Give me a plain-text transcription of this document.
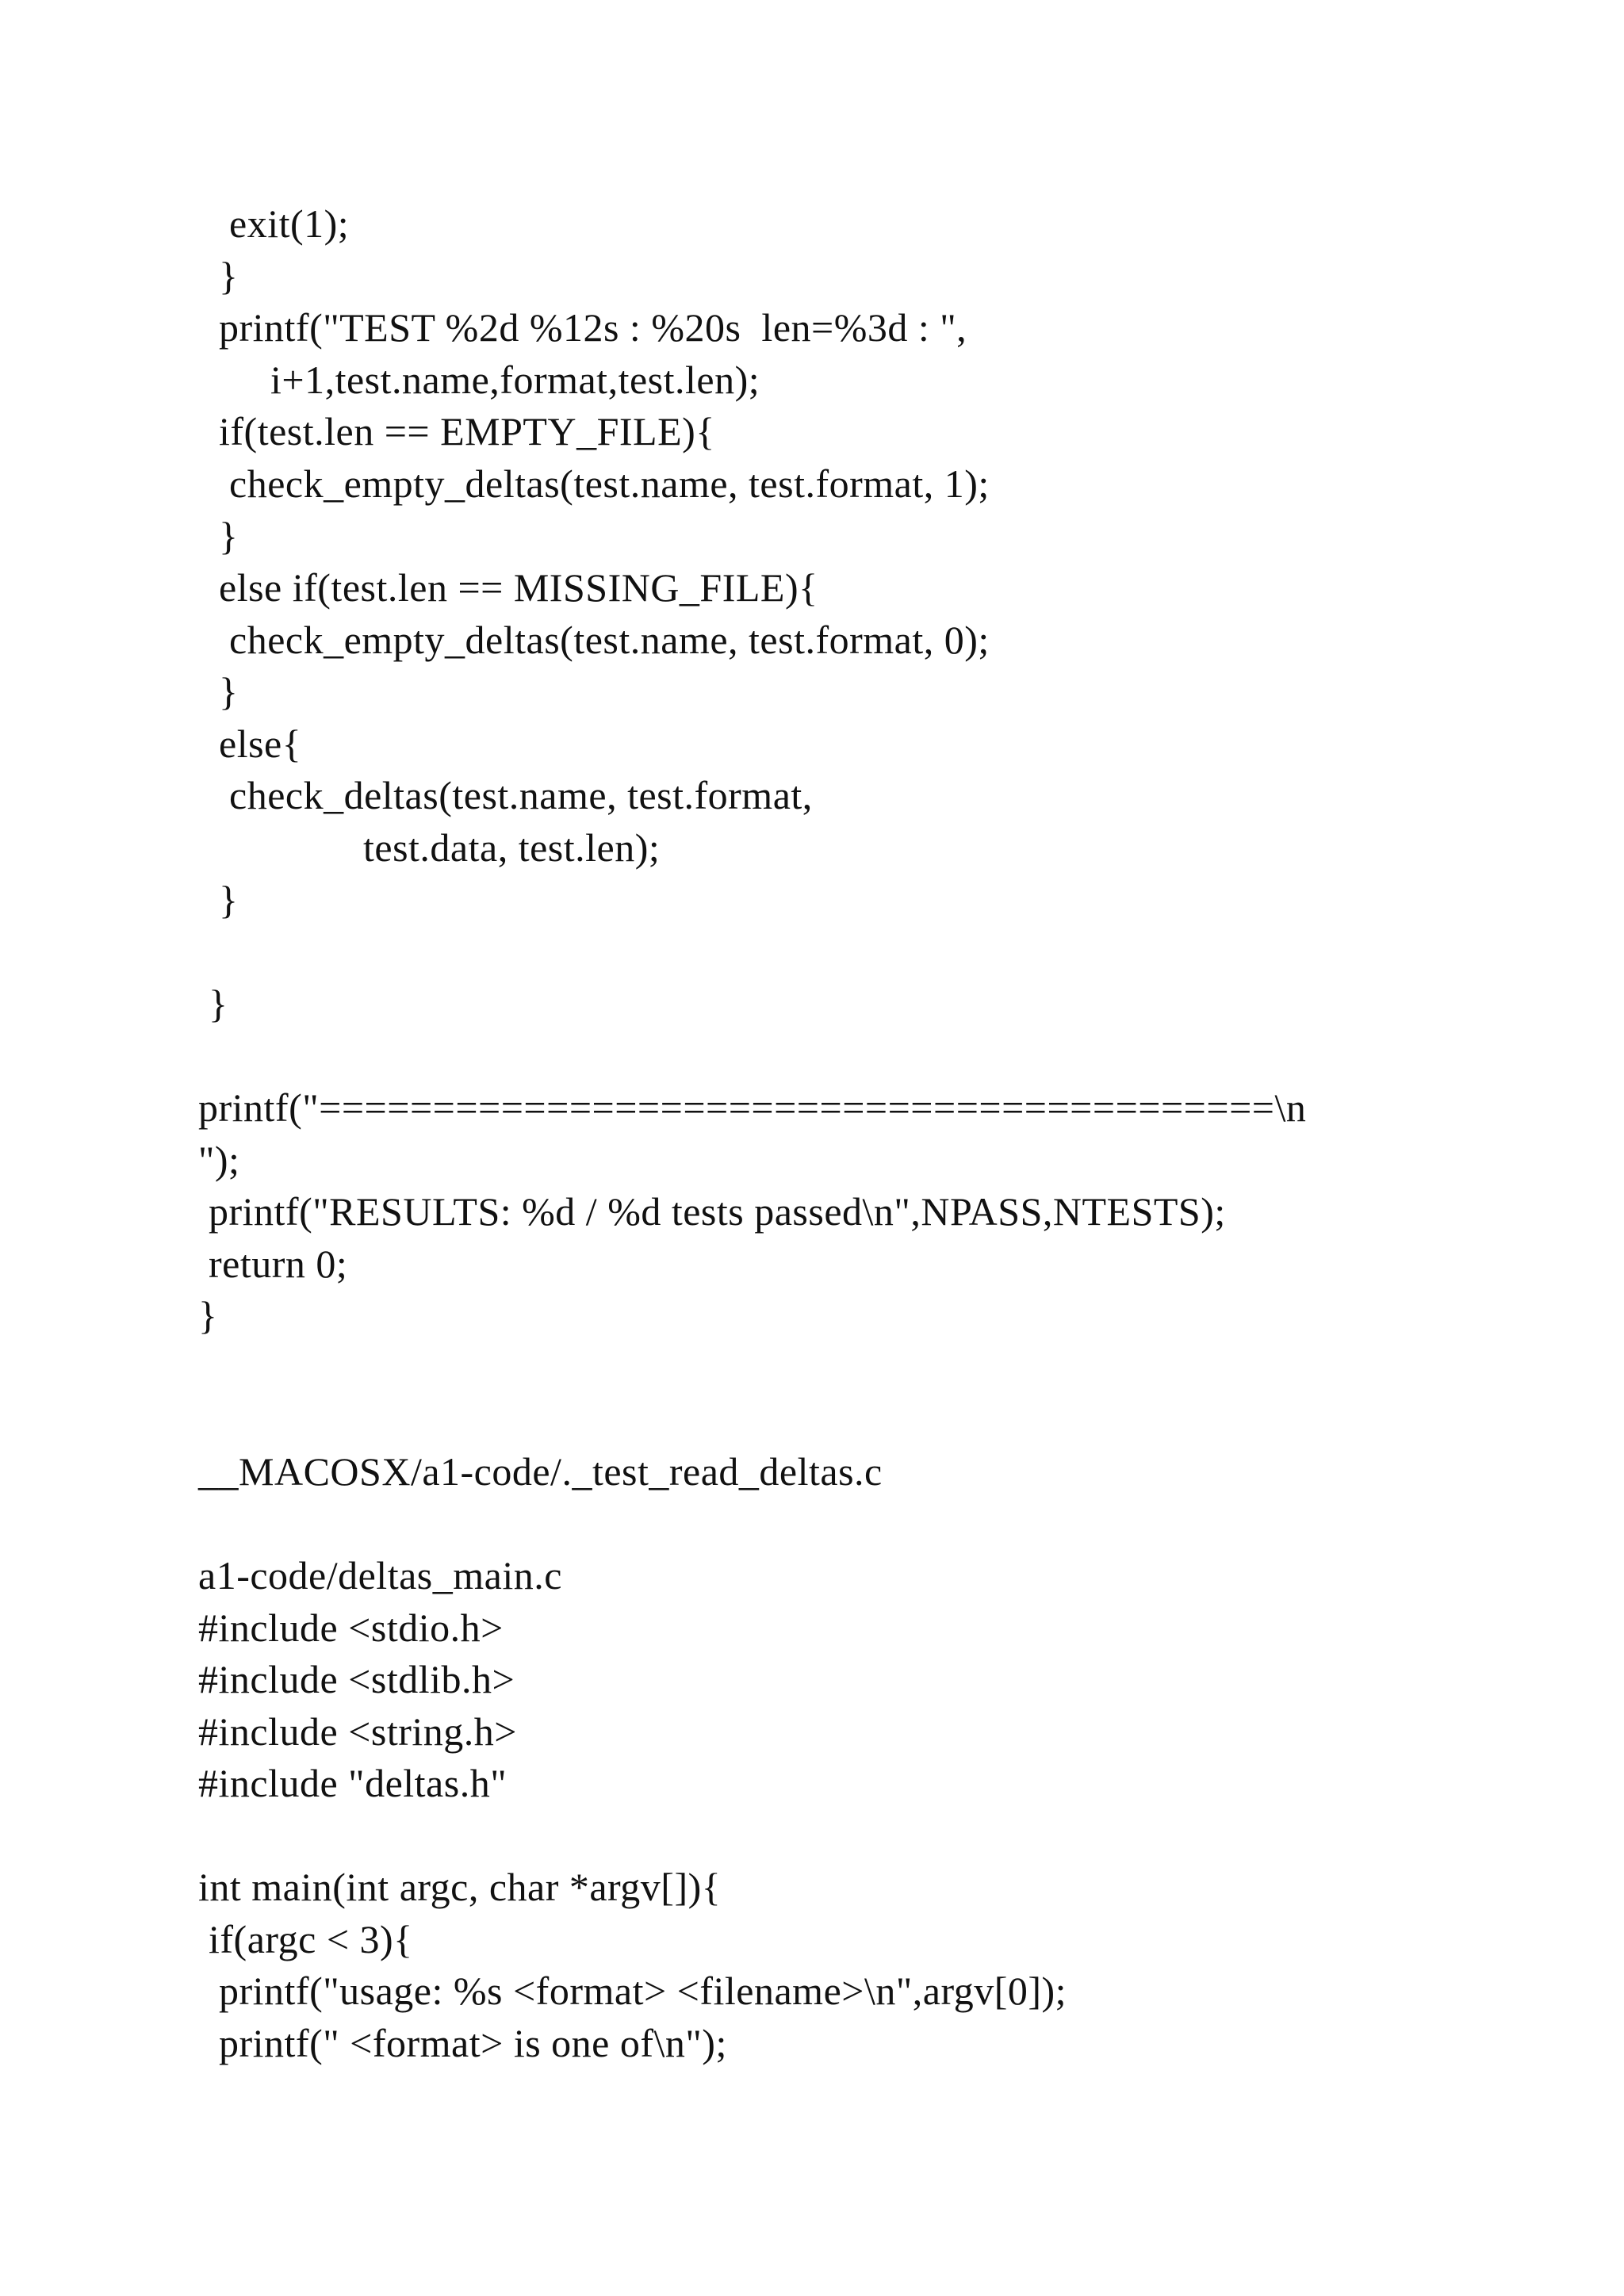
exit(1);
}
printf("TEST %2d %12s : %20s  len=%3d : ",
i+1,test.name,format,test.len);
if(test.len == EMPTY_FILE){
check_empty_deltas(test.name, test.format, 1);
}
else if(test.len == MISSING_FILE){
check_empty_deltas(test.name, test.format, 0);
}
else{
check_deltas(test.name, test.format,
test.data, test.len);
}
}
printf("==========================================\n
");
printf("RESULTS: %d / %d tests passed\n",NPASS,NTESTS);
return 0;
}
__MACOSX/a1-code/._test_read_deltas.c
a1-code/deltas_main.c
#include <stdio.h>
#include <stdlib.h>
#include <string.h>
#include "deltas.h"
int main(int argc, char *argv[]){
if(argc < 3){
printf("usage: %s <format> <filename>\n",argv[0]);
printf(" <format> is one of\n");
